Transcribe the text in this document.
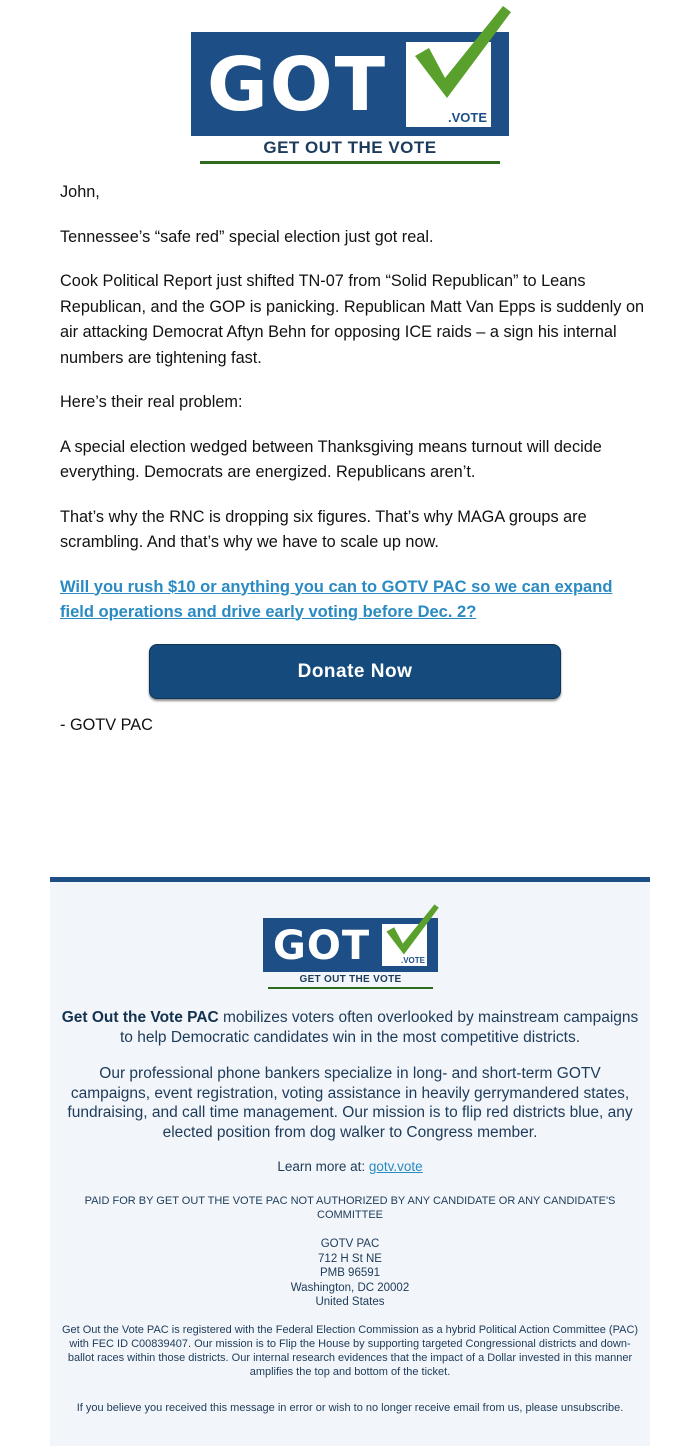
GOT	.VOTE
GET OUT THE VOTE

John,

Tennessee’s “safe red” special election just got real.

Cook Political Report just shifted TN-07 from “Solid Republican” to Leans Republican, and the GOP is panicking. Republican Matt Van Epps is suddenly on air attacking Democrat Aftyn Behn for opposing ICE raids – a sign his internal numbers are tightening fast.

Here’s their real problem:

A special election wedged between Thanksgiving means turnout will decide everything. Democrats are energized. Republicans aren’t.

That’s why the RNC is dropping six figures. That’s why MAGA groups are scrambling. And that’s why we have to scale up now.

Will you rush $10 or anything you can to GOTV PAC so we can expand field operations and drive early voting before Dec. 2?
Donate Now

- GOTV PAC

GOT	.VOTE
GET OUT THE VOTE
Get Out the Vote PAC mobilizes voters often overlooked by mainstream campaigns to help Democratic candidates win in the most competitive districts.
Our professional phone bankers specialize in long- and short-term GOTV campaigns, event registration, voting assistance in heavily gerrymandered states, fundraising, and call time management. Our mission is to flip red districts blue, any elected position from dog walker to Congress member.
Learn more at: gotv.vote
PAID FOR BY GET OUT THE VOTE PAC NOT AUTHORIZED BY ANY CANDIDATE OR ANY CANDIDATE'S COMMITTEE
GOTV PAC
712 H St NE
PMB 96591
Washington, DC 20002
United States
Get Out the Vote PAC is registered with the Federal Election Commission as a hybrid Political Action Committee (PAC) with FEC ID C00839407. Our mission is to Flip the House by supporting targeted Congressional districts and down-ballot races within those districts. Our internal research evidences that the impact of a Dollar invested in this manner amplifies the top and bottom of the ticket.
If you believe you received this message in error or wish to no longer receive email from us, please unsubscribe.
